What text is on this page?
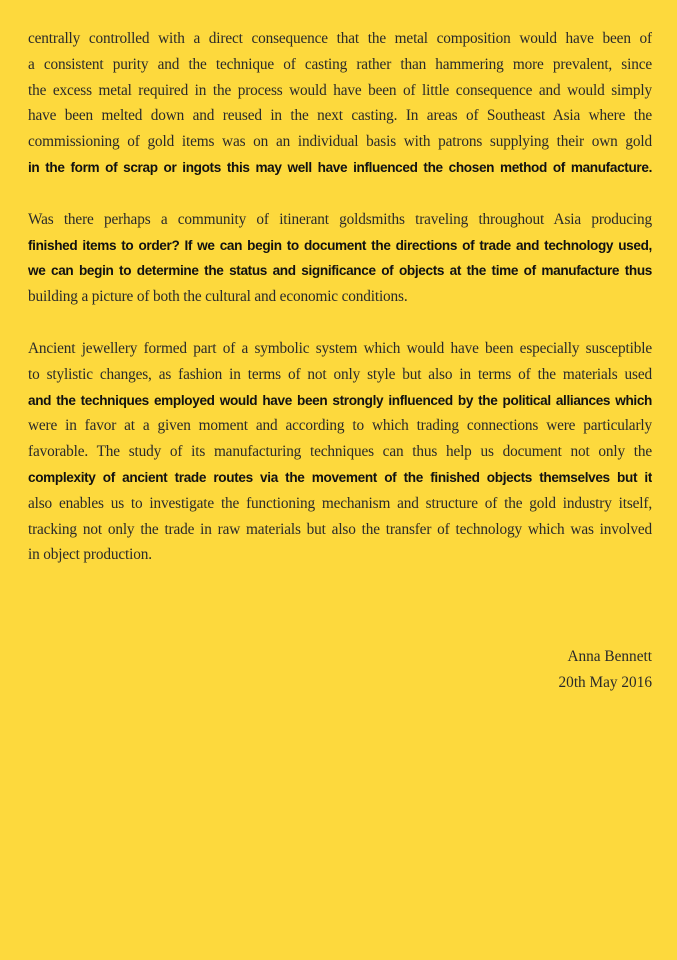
centrally controlled with a direct consequence that the metal composition would have been of
a consistent purity and the technique of casting rather than hammering more prevalent, since
the excess metal required in the process would have been of little consequence and would simply
have been melted down and reused in the next casting. In areas of Southeast Asia where the
commissioning of gold items was on an individual basis with patrons supplying their own gold
in the form of scrap or ingots this may well have influenced the chosen method of manufacture.
Was there perhaps a community of itinerant goldsmiths traveling throughout Asia producing
finished items to order? If we can begin to document the directions of trade and technology used,
we can begin to determine the status and significance of objects at the time of manufacture thus
building a picture of both the cultural and economic conditions.
Ancient jewellery formed part of a symbolic system which would have been especially susceptible
to stylistic changes, as fashion in terms of not only style but also in terms of the materials used
and the techniques employed would have been strongly influenced by the political alliances which
were in favor at a given moment and according to which trading connections were particularly
favorable. The study of its manufacturing techniques can thus help us document not only the
complexity of ancient trade routes via the movement of the finished objects themselves but it
also enables us to investigate the functioning mechanism and structure of the gold industry itself,
tracking not only the trade in raw materials but also the transfer of technology which was involved
in object production.
Anna Bennett
20th May 2016
